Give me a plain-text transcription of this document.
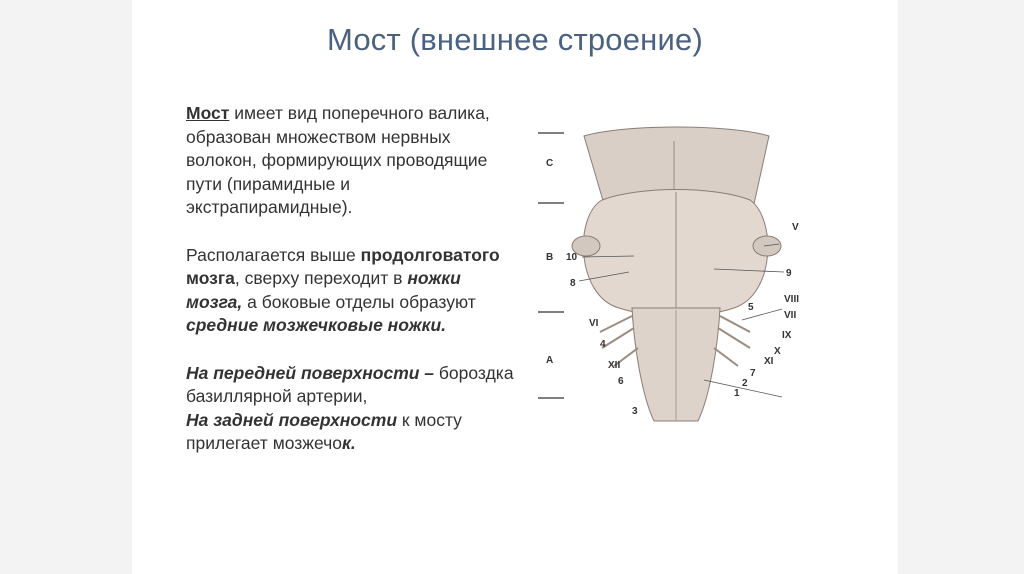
Мост (внешнее строение)

Мост имеет вид поперечного валика, образован множеством нервных волокон, формирующих проводящие пути (пирамидные и экстрапирамидные).

Располагается выше продолговатого мозга, сверху переходит в ножки мозга, а боковые отделы образуют средние мозжечковые ножки.

На передней поверхности – бороздка базиллярной артерии,
На задней поверхности к мосту прилегает мозжечок.

С
В 10
8
VI
4
XII
6
3
А
V
9
VIII
VII
5
IX
X
XI
7
2
1
